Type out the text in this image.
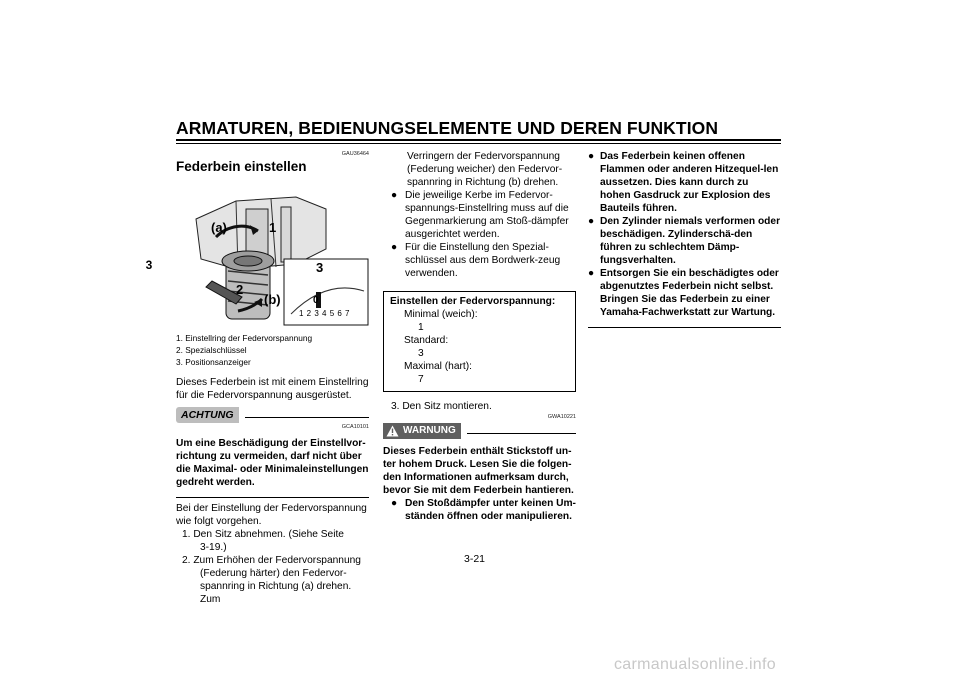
ARMATUREN, BEDIENUNGSELEMENTE UND DEREN FUNKTION
3
GAU36464
Federbein einstellen
(a)	1
3
2
(b)	0
1 2 3 4 5 6 7
1. Einstellring der Federvorspannung
2. Spezialschlüssel
3. Positionsanzeiger
Dieses Federbein ist mit einem Einstellring für die Federvorspannung ausgerüstet.
ACHTUNG
GCA10101
Um eine Beschädigung der Einstellvor-richtung zu vermeiden, darf nicht über die Maximal- oder Minimaleinstellungen gedreht werden.
Bei der Einstellung der Federvorspannung wie folgt vorgehen.
1. Den Sitz abnehmen. (Siehe Seite
3-19.)
2. Zum Erhöhen der Federvorspannung
(Federung härter) den Federvor-spannring in Richtung (a) drehen. Zum
Verringern der Federvorspannung (Federung weicher) den Federvor-spannring in Richtung (b) drehen.
● Die jeweilige Kerbe im Federvor-spannungs-Einstellring muss auf die Gegenmarkierung am Stoß-dämpfer ausgerichtet werden.
● Für die Einstellung den Spezial-schlüssel aus dem Bordwerk-zeug verwenden.
Einstellen der Federvorspannung:
Minimal (weich):
1
Standard:
3
Maximal (hart):
7
3. Den Sitz montieren.
GWA10221
WARNUNG
Dieses Federbein enthält Stickstoff un-ter hohem Druck. Lesen Sie die folgen-den Informationen aufmerksam durch, bevor Sie mit dem Federbein hantieren.
● Den Stoßdämpfer unter keinen Um-ständen öffnen oder manipulieren.
● Das Federbein keinen offenen Flammen oder anderen Hitzequel-len aussetzen. Dies kann durch zu hohen Gasdruck zur Explosion des Bauteils führen.
● Den Zylinder niemals verformen oder beschädigen. Zylinderschä-den führen zu schlechtem Dämp-fungsverhalten.
● Entsorgen Sie ein beschädigtes oder abgenutztes Federbein nicht selbst. Bringen Sie das Federbein zu einer Yamaha-Fachwerkstatt zur Wartung.
3-21
carmanualsonline.info
